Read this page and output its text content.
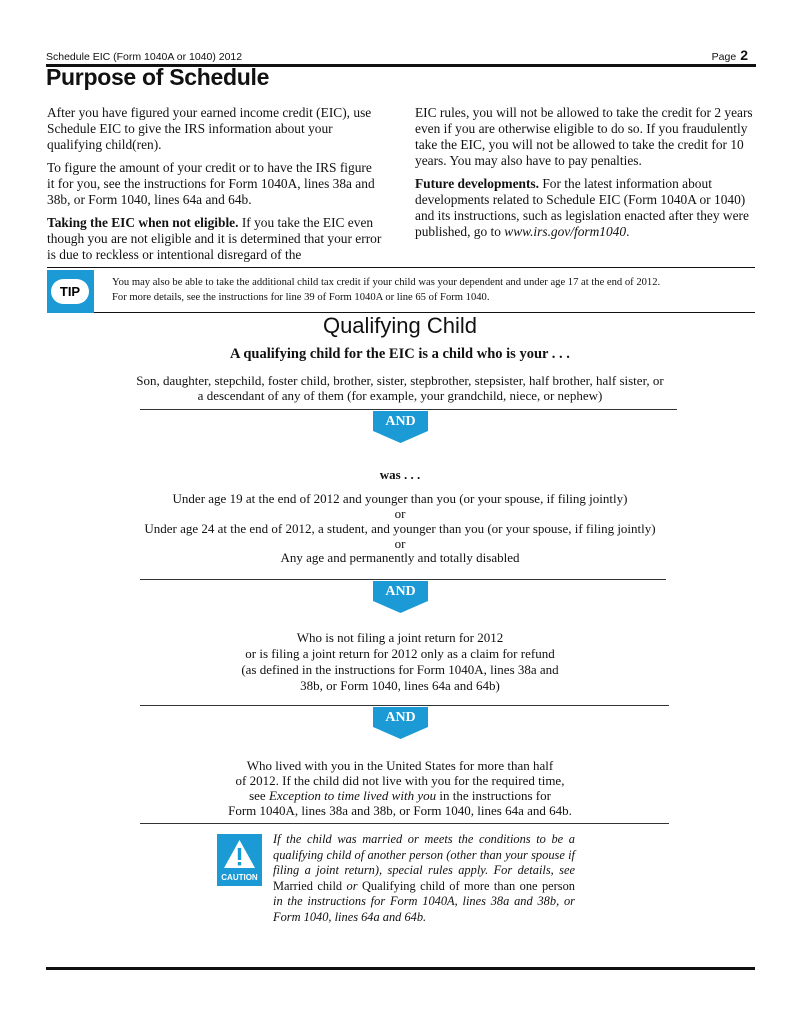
Schedule EIC (Form 1040A or 1040) 2012	Page 2
Purpose of Schedule

After you have figured your earned income credit (EIC), use Schedule EIC to give the IRS information about your qualifying child(ren).

To figure the amount of your credit or to have the IRS figure it for you, see the instructions for Form 1040A, lines 38a and 38b, or Form 1040, lines 64a and 64b.

Taking the EIC when not eligible. If you take the EIC even though you are not eligible and it is determined that your error is due to reckless or intentional disregard of the

EIC rules, you will not be allowed to take the credit for 2 years even if you are otherwise eligible to do so. If you fraudulently take the EIC, you will not be allowed to take the credit for 10 years. You may also have to pay penalties.

Future developments. For the latest information about developments related to Schedule EIC (Form 1040A or 1040) and its instructions, such as legislation enacted after they were published, go to www.irs.gov/form1040.

TIP
You may also be able to take the additional child tax credit if your child was your dependent and under age 17 at the end of 2012.
For more details, see the instructions for line 39 of Form 1040A or line 65 of Form 1040.
Qualifying Child
A qualifying child for the EIC is a child who is your . . .
Son, daughter, stepchild, foster child, brother, sister, stepbrother, stepsister, half brother, half sister, or
a descendant of any of them (for example, your grandchild, niece, or nephew)
AND
was . . .
Under age 19 at the end of 2012 and younger than you (or your spouse, if filing jointly)
or
Under age 24 at the end of 2012, a student, and younger than you (or your spouse, if filing jointly)
or
Any age and permanently and totally disabled
AND
Who is not filing a joint return for 2012
or is filing a joint return for 2012 only as a claim for refund
(as defined in the instructions for Form 1040A, lines 38a and
38b, or Form 1040, lines 64a and 64b)
AND
Who lived with you in the United States for more than half
of 2012. If the child did not live with you for the required time,
see Exception to time lived with you in the instructions for
Form 1040A, lines 38a and 38b, or Form 1040, lines 64a and 64b.
CAUTION
If the child was married or meets the conditions to be a qualifying child of another person (other than your spouse if filing a joint return), special rules apply. For details, see Married child or Qualifying child of more than one person in the instructions for Form 1040A, lines 38a and 38b, or Form 1040, lines 64a and 64b.
